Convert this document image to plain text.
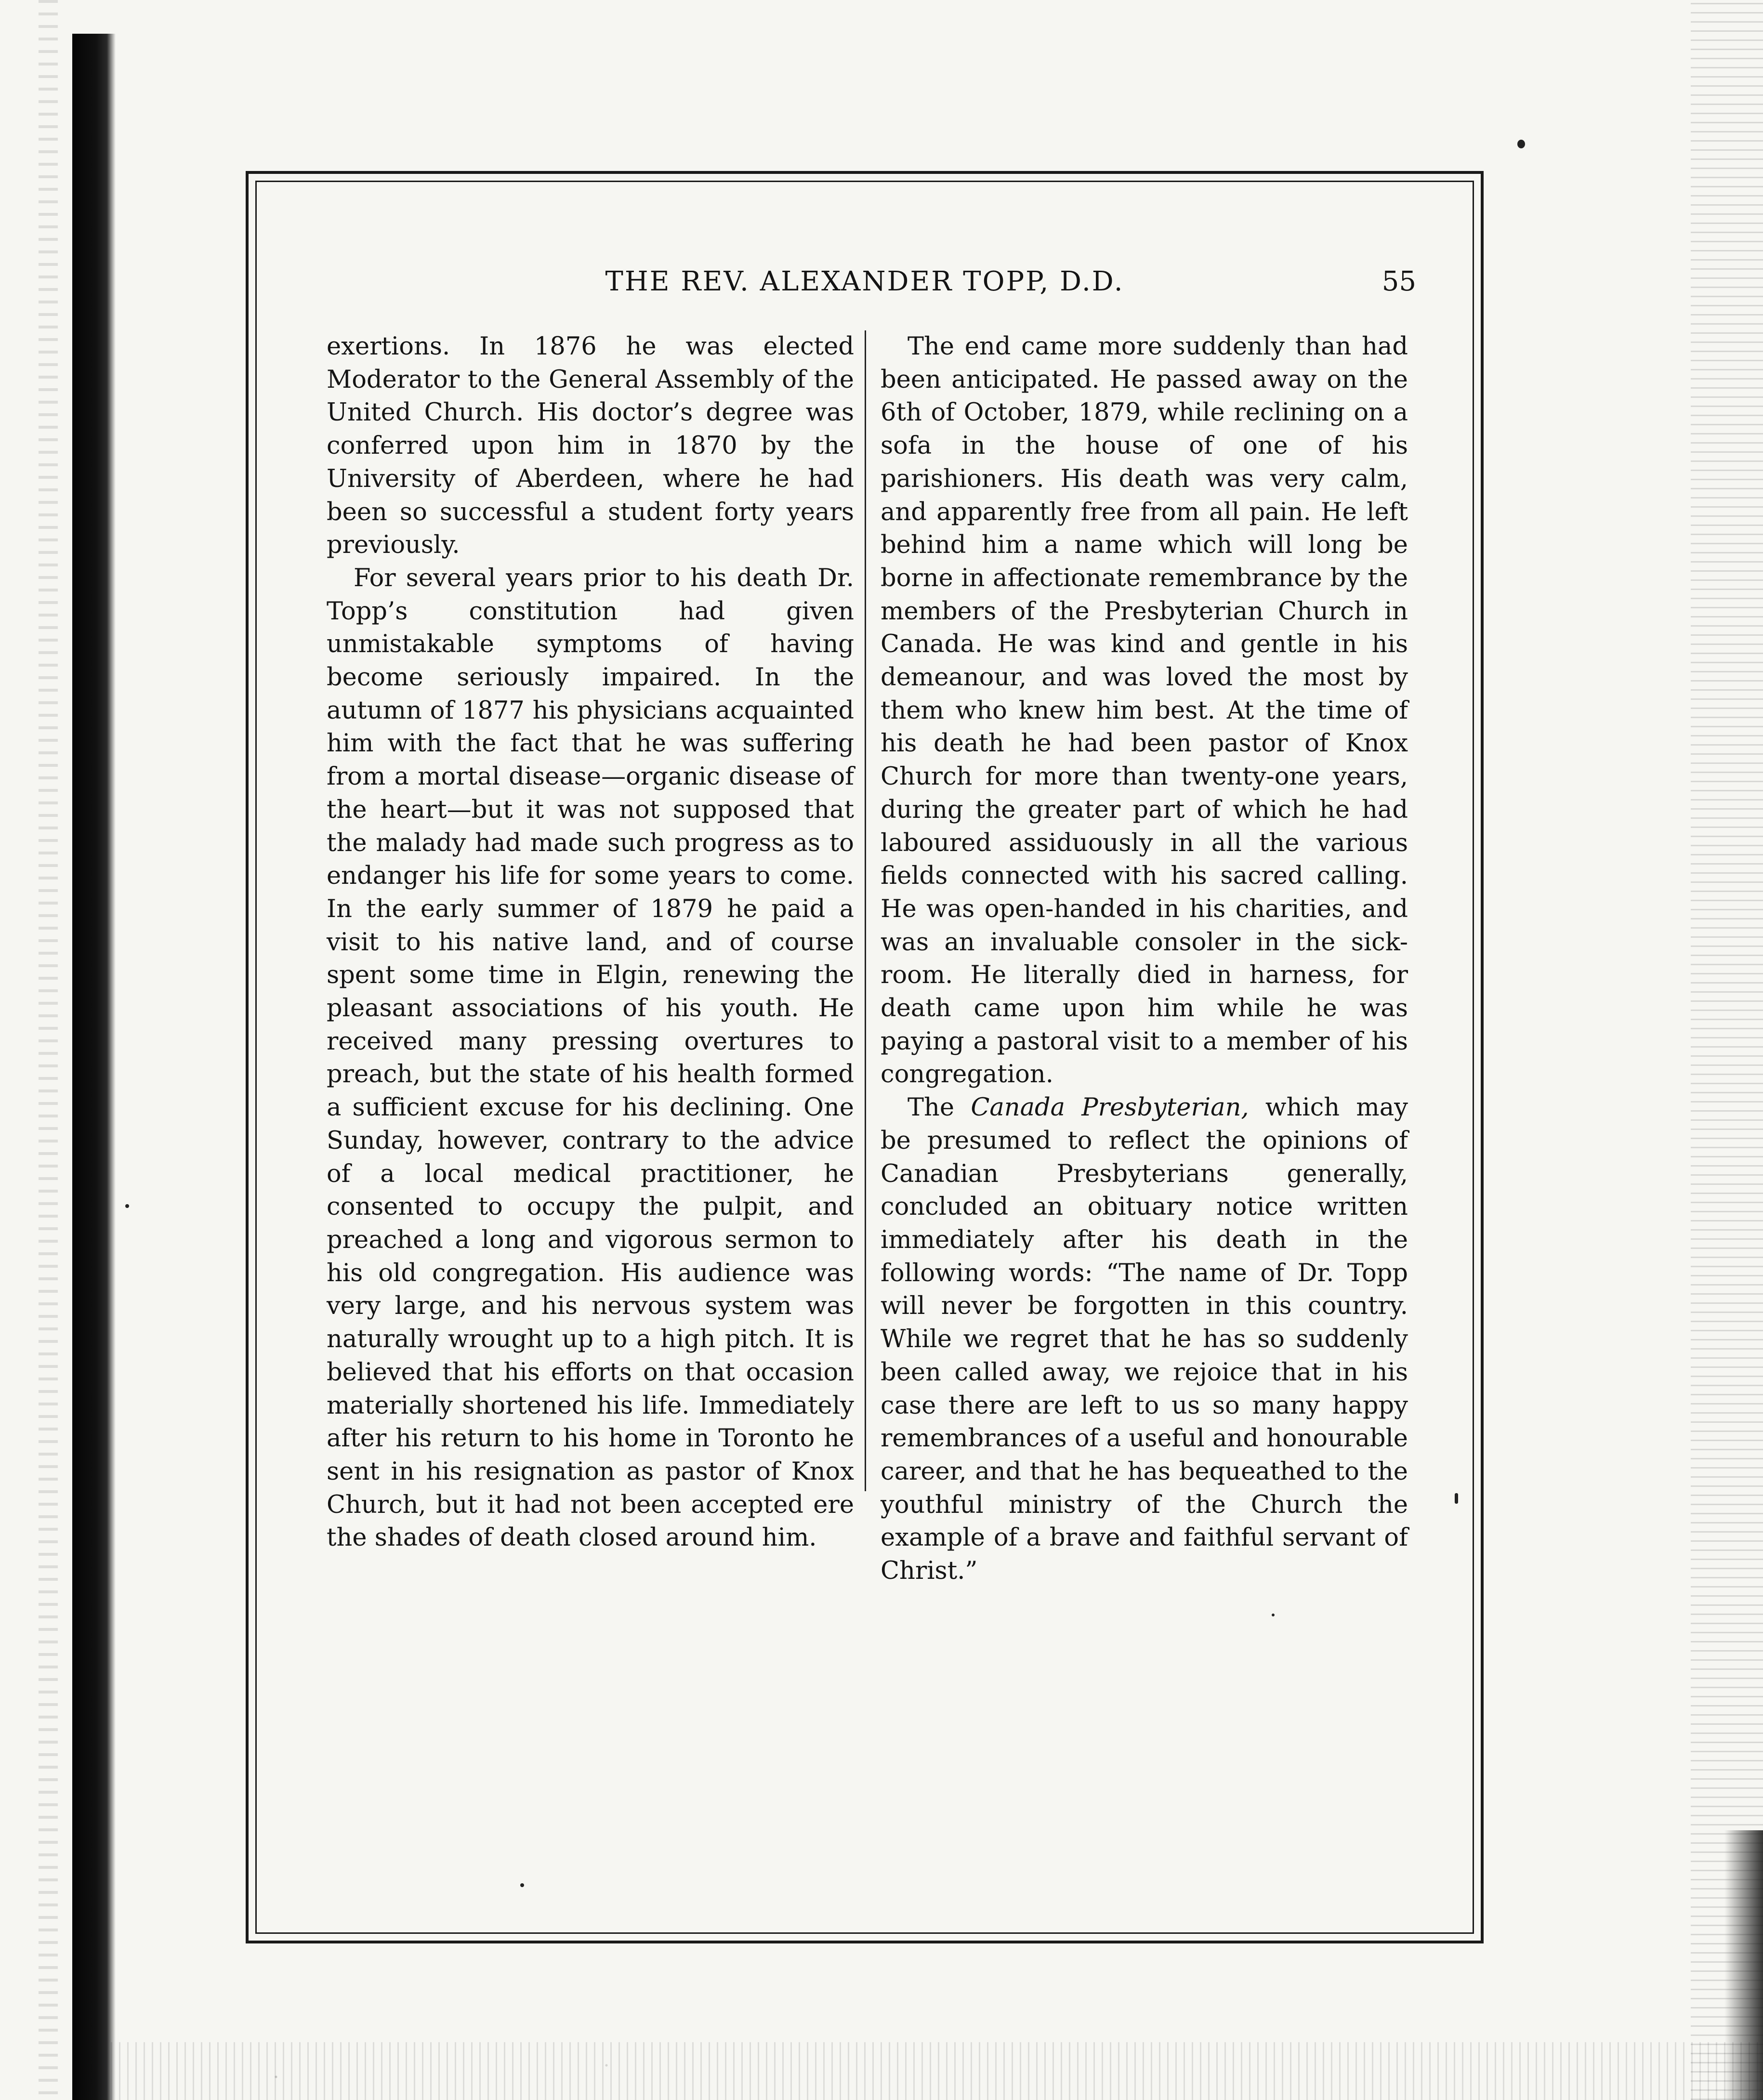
THE REV. ALEXANDER TOPP, D.D.	55

exertions. In 1876 he was elected Moderator to the General Assembly of the United Church. His doctor’s degree was conferred upon him in 1870 by the University of Aberdeen, where he had been so successful a student forty years previously.

For several years prior to his death Dr. Topp’s constitution had given unmistakable symptoms of having become seriously impaired. In the autumn of 1877 his physicians acquainted him with the fact that he was suffering from a mortal disease—organic disease of the heart—but it was not supposed that the malady had made such progress as to endanger his life for some years to come. In the early summer of 1879 he paid a visit to his native land, and of course spent some time in Elgin, renewing the pleasant associations of his youth. He received many pressing overtures to preach, but the state of his health formed a sufficient excuse for his declining. One Sunday, however, contrary to the advice of a local medical practitioner, he consented to occupy the pulpit, and preached a long and vigorous sermon to his old congregation. His audience was very large, and his nervous system was naturally wrought up to a high pitch. It is believed that his efforts on that occasion materially shortened his life. Immediately after his return to his home in Toronto he sent in his resignation as pastor of Knox Church, but it had not been accepted ere the shades of death closed around him.

The end came more suddenly than had been anticipated. He passed away on the 6th of October, 1879, while reclining on a sofa in the house of one of his parishioners. His death was very calm, and apparently free from all pain. He left behind him a name which will long be borne in affectionate remembrance by the members of the Presbyterian Church in Canada. He was kind and gentle in his demeanour, and was loved the most by them who knew him best. At the time of his death he had been pastor of Knox Church for more than twenty-one years, during the greater part of which he had laboured assiduously in all the various fields connected with his sacred calling. He was open-handed in his charities, and was an invaluable consoler in the sick-room. He literally died in harness, for death came upon him while he was paying a pastoral visit to a member of his congregation.

The Canada Presbyterian, which may be presumed to reflect the opinions of Canadian Presbyterians generally, concluded an obituary notice written immediately after his death in the following words: “The name of Dr. Topp will never be forgotten in this country. While we regret that he has so suddenly been called away, we rejoice that in his case there are left to us so many happy remembrances of a useful and honourable career, and that he has bequeathed to the youthful ministry of the Church the example of a brave and faithful servant of Christ.”
